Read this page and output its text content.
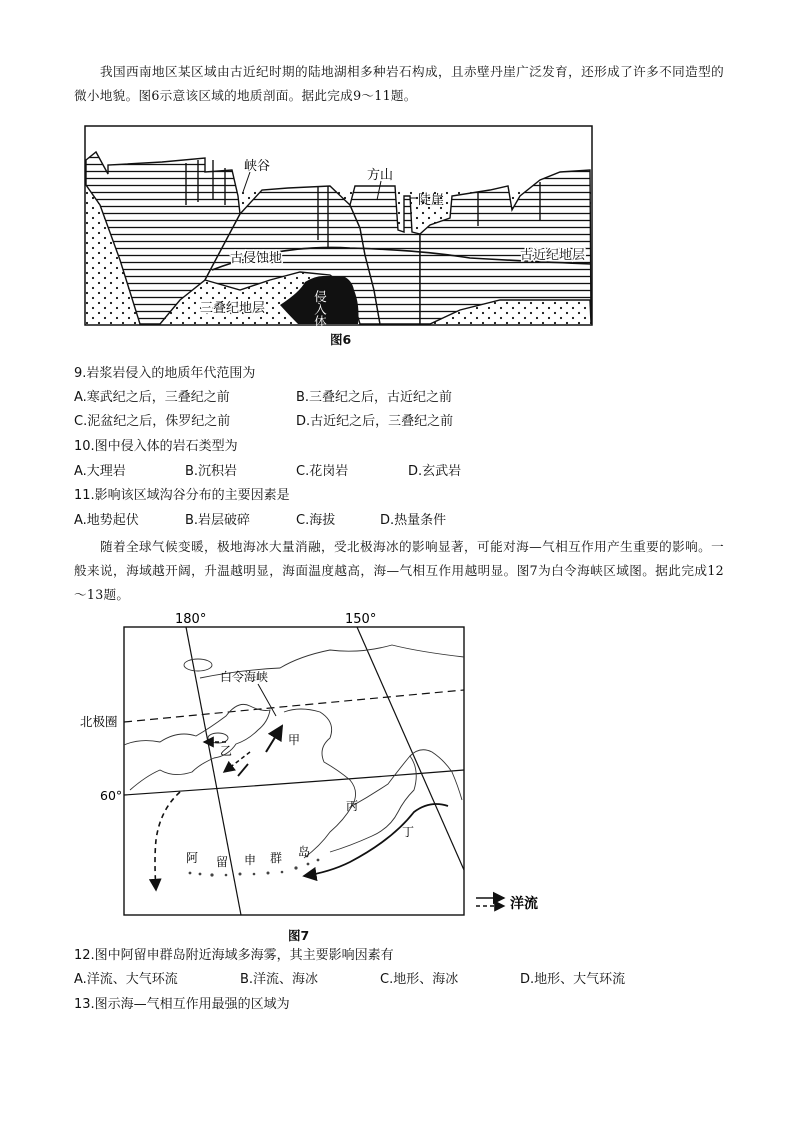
我国西南地区某区域由古近纪时期的陆地湖相多种岩石构成，且赤壁丹崖广泛发育，还形成了许多不同造型的微小地貌。图6示意该区域的地质剖面。据此完成9～11题。

峡谷
方山
陡崖
古近纪地层
古侵蚀地
三叠纪地层	侵入体
图6
9.岩浆岩侵入的地质年代范围为
A.寒武纪之后，三叠纪之前	B.三叠纪之后，古近纪之前
C.泥盆纪之后，侏罗纪之前	D.古近纪之后，三叠纪之前
10.图中侵入体的岩石类型为
A.大理岩	B.沉积岩	C.花岗岩	D.玄武岩
11.影响该区域沟谷分布的主要因素是
A.地势起伏	B.岩层破碎	C.海拔	D.热量条件

随着全球气候变暖，极地海冰大量消融，受北极海冰的影响显著，可能对海—气相互作用产生重要的影响。一般来说，海域越开阔，升温越明显，海面温度越高，海—气相互作用越明显。图7为白令海峡区域图。据此完成12～13题。

180°	150°
北极圈
60°
白令海峡
甲
乙
丙
丁
阿 留 申 群 岛
洋流
图7
12.图中阿留申群岛附近海域多海雾，其主要影响因素有
A.洋流、大气环流	B.洋流、海冰	C.地形、海冰	D.地形、大气环流
13.图示海—气相互作用最强的区域为
